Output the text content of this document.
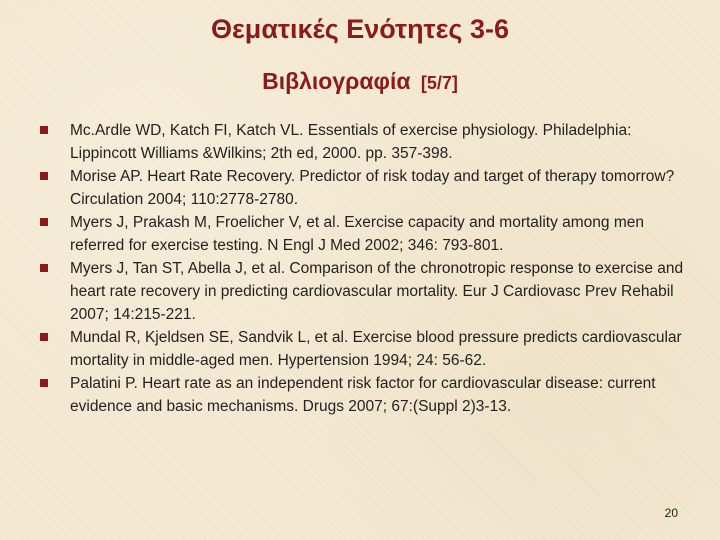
Θεματικές Ενότητες 3-6
Βιβλιογραφία [5/7]
Mc.Ardle WD, Katch FI, Katch VL. Essentials of exercise physiology. Philadelphia: Lippincott Williams &Wilkins; 2th ed, 2000. pp. 357-398.
Morise AP. Heart Rate Recovery. Predictor of risk today and target of therapy tomorrow? Circulation 2004; 110:2778-2780.
Myers J, Prakash M, Froelicher V, et al. Exercise capacity and mortality among men referred for exercise testing. N Engl J Med 2002; 346: 793-801.
Myers J, Tan ST, Abella J, et al. Comparison of the chronotropic response to exercise and heart rate recovery in predicting cardiovascular mortality. Eur J Cardiovasc Prev Rehabil 2007; 14:215-221.
Mundal R, Kjeldsen SE, Sandvik L, et al. Exercise blood pressure predicts cardiovascular mortality in middle-aged men. Hypertension 1994; 24: 56-62.
Palatini P. Heart rate as an independent risk factor for cardiovascular disease: current evidence and basic mechanisms. Drugs 2007; 67:(Suppl 2)3-13.
20
